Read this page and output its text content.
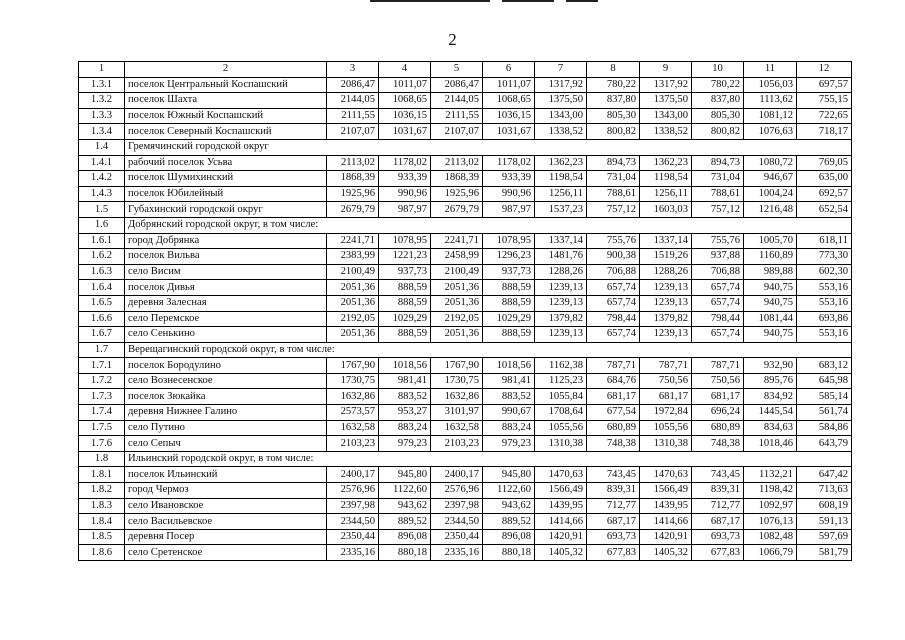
2
1	2	3	4	5	6	7	8	9	10	11	12
1.3.1	поселок Центральный Коспашский	2086,47	1011,07	2086,47	1011,07	1317,92	780,22	1317,92	780,22	1056,03	697,57
1.3.2	поселок Шахта	2144,05	1068,65	2144,05	1068,65	1375,50	837,80	1375,50	837,80	1113,62	755,15
1.3.3	поселок Южный Коспашский	2111,55	1036,15	2111,55	1036,15	1343,00	805,30	1343,00	805,30	1081,12	722,65
1.3.4	поселок Северный Коспашский	2107,07	1031,67	2107,07	1031,67	1338,52	800,82	1338,52	800,82	1076,63	718,17
1.4	Гремячинский городской округ										
1.4.1	рабочий поселок Усьва	2113,02	1178,02	2113,02	1178,02	1362,23	894,73	1362,23	894,73	1080,72	769,05
1.4.2	поселок Шумихинский	1868,39	933,39	1868,39	933,39	1198,54	731,04	1198,54	731,04	946,67	635,00
1.4.3	поселок Юбилейный	1925,96	990,96	1925,96	990,96	1256,11	788,61	1256,11	788,61	1004,24	692,57
1.5	Губахинский городской округ	2679,79	987,97	2679,79	987,97	1537,23	757,12	1603,03	757,12	1216,48	652,54
1.6	Добрянский городской округ, в том числе:										
1.6.1	город Добрянка	2241,71	1078,95	2241,71	1078,95	1337,14	755,76	1337,14	755,76	1005,70	618,11
1.6.2	поселок Вильва	2383,99	1221,23	2458,99	1296,23	1481,76	900,38	1519,26	937,88	1160,89	773,30
1.6.3	село Висим	2100,49	937,73	2100,49	937,73	1288,26	706,88	1288,26	706,88	989,88	602,30
1.6.4	поселок Дивья	2051,36	888,59	2051,36	888,59	1239,13	657,74	1239,13	657,74	940,75	553,16
1.6.5	деревня Залесная	2051,36	888,59	2051,36	888,59	1239,13	657,74	1239,13	657,74	940,75	553,16
1.6.6	село Перемское	2192,05	1029,29	2192,05	1029,29	1379,82	798,44	1379,82	798,44	1081,44	693,86
1.6.7	село Сенькино	2051,36	888,59	2051,36	888,59	1239,13	657,74	1239,13	657,74	940,75	553,16
1.7	Верещагинский городской округ, в том числе:										
1.7.1	поселок Бородулино	1767,90	1018,56	1767,90	1018,56	1162,38	787,71	787,71	787,71	932,90	683,12
1.7.2	село Вознесенское	1730,75	981,41	1730,75	981,41	1125,23	684,76	750,56	750,56	895,76	645,98
1.7.3	поселок Зюкайка	1632,86	883,52	1632,86	883,52	1055,84	681,17	681,17	681,17	834,92	585,14
1.7.4	деревня Нижнее Галино	2573,57	953,27	3101,97	990,67	1708,64	677,54	1972,84	696,24	1445,54	561,74
1.7.5	село Путино	1632,58	883,24	1632,58	883,24	1055,56	680,89	1055,56	680,89	834,63	584,86
1.7.6	село Сепыч	2103,23	979,23	2103,23	979,23	1310,38	748,38	1310,38	748,38	1018,46	643,79
1.8	Ильинский городской округ, в том числе:										
1.8.1	поселок Ильинский	2400,17	945,80	2400,17	945,80	1470,63	743,45	1470,63	743,45	1132,21	647,42
1.8.2	город Чермоз	2576,96	1122,60	2576,96	1122,60	1566,49	839,31	1566,49	839,31	1198,42	713,63
1.8.3	село Ивановское	2397,98	943,62	2397,98	943,62	1439,95	712,77	1439,95	712,77	1092,97	608,19
1.8.4	село Васильевское	2344,50	889,52	2344,50	889,52	1414,66	687,17	1414,66	687,17	1076,13	591,13
1.8.5	деревня Посер	2350,44	896,08	2350,44	896,08	1420,91	693,73	1420,91	693,73	1082,48	597,69
1.8.6	село Сретенское	2335,16	880,18	2335,16	880,18	1405,32	677,83	1405,32	677,83	1066,79	581,79
